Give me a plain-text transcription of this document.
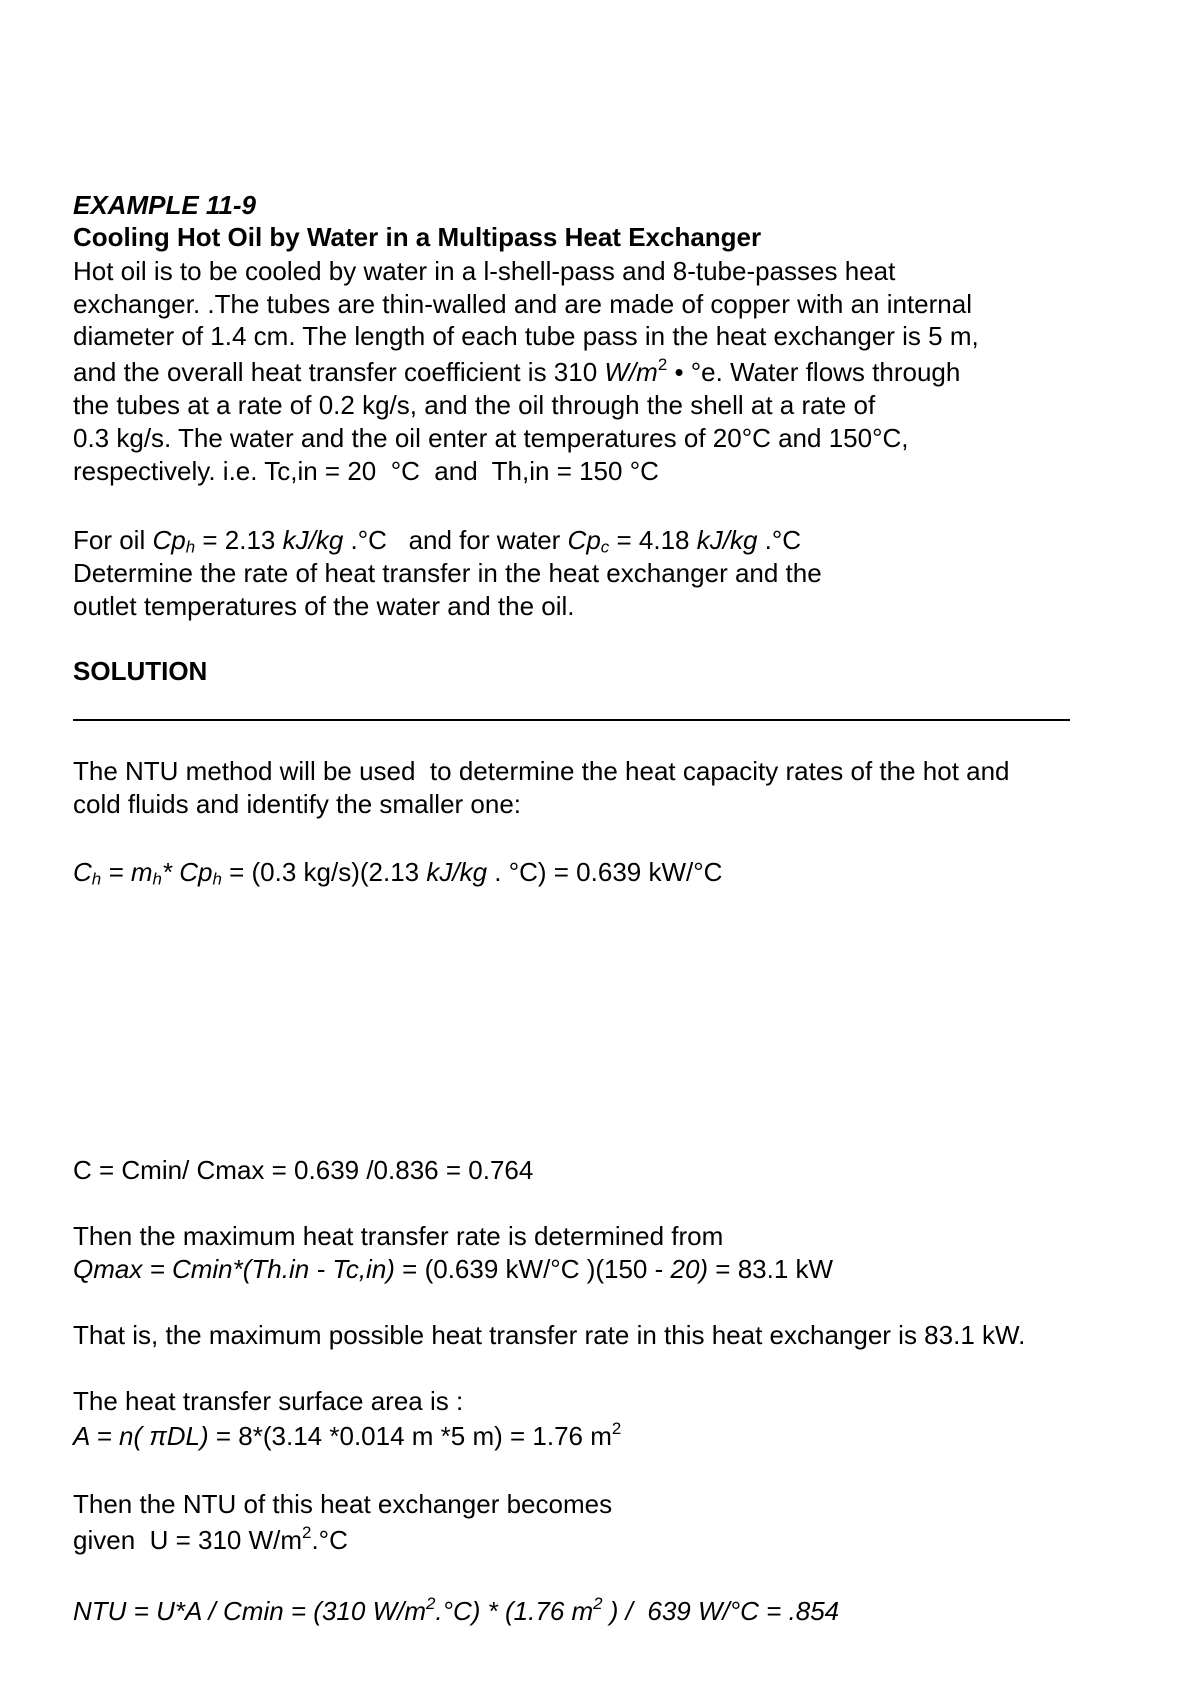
EXAMPLE 11-9
Cooling Hot Oil by Water in a Multipass Heat Exchanger
Hot oil is to be cooled by water in a l-shell-pass and 8-tube-passes heat
exchanger. .The tubes are thin-walled and are made of copper with an internal
diameter of 1.4 cm. The length of each tube pass in the heat exchanger is 5 m,
and the overall heat transfer coefficient is 310 $W/m^2$ • °e. Water flows through
the tubes at a rate of 0.2 kg/s, and the oil through the shell at a rate of
0.3 kg/s. The water and the oil enter at temperatures of 20°C and 150°C,
respectively. i.e. Tc,in = 20  °C  and  Th,in = 150 °C
For oil $Cp_h = 2.13$ kJ/kg .°C   and for water $Cp_c = 4.18$ kJ/kg .°C
Determine the rate of heat transfer in the heat exchanger and the
outlet temperatures of the water and the oil.
SOLUTION
The NTU method will be used  to determine the heat capacity rates of the hot and
cold fluids and identify the smaller one:
$C_h = m_h*$ $Cp_h = (0.3$ kg/s)(2.13 kJ/kg . °C) = 0.639 kW/°C
C = Cmin/ Cmax = 0.639 /0.836 = 0.764
Then the maximum heat transfer rate is determined from
Qmax = Cmin*(Th.in - Tc,in) = (0.639 kW/°C )(150 - 20) = 83.1 kW
That is, the maximum possible heat transfer rate in this heat exchanger is 83.1 kW.
The heat transfer surface area is :
A = n( πDL) = 8*(3.14 *0.014 m *5 m) = 1.76 $m^2$
Then the NTU of this heat exchanger becomes
given  U = 310 $W/m^2.^\circ C$
NTU = U*A / Cmin = (310 $W/m^2.^\circ C) * (1.76$ $m^2$ ) /  639 W/°C = .854
